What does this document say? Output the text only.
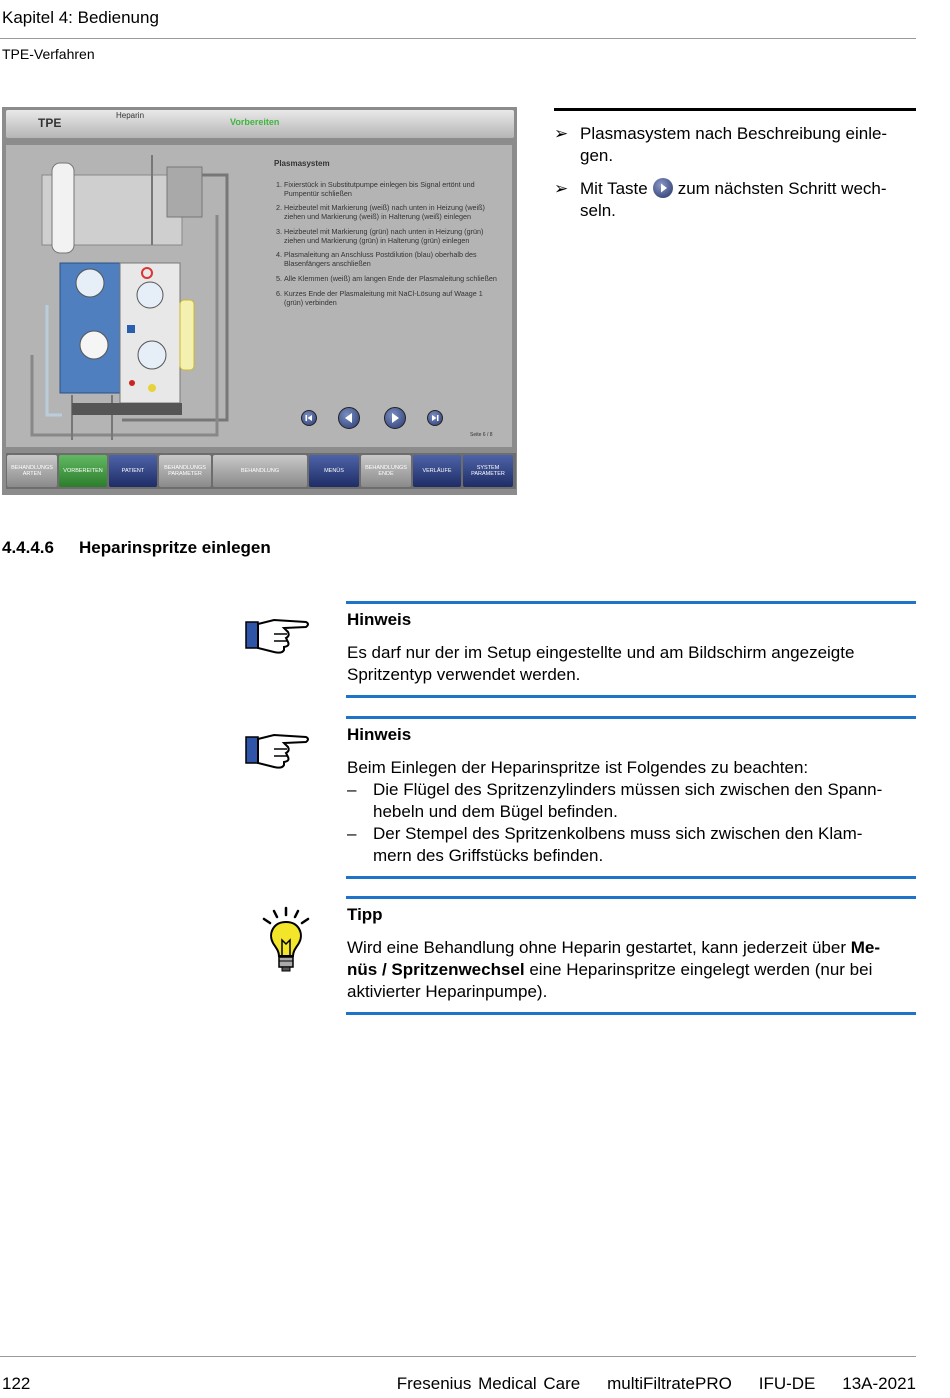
Kapitel 4: Bedienung
TPE-Verfahren
TPE
Heparin
Vorbereiten
Plasmasystem
1. Fixierstück in Substitutpumpe einlegen bis Signal ertönt und Pumpentür schließen
2. Heizbeutel mit Markierung (weiß) nach unten in Heizung (weiß) ziehen und Markierung (weiß) in Halterung (weiß) einlegen
3. Heizbeutel mit Markierung (grün) nach unten in Heizung (grün) ziehen und Markierung (grün) in Halterung (grün) einlegen
4. Plasmaleitung an Anschluss Postdilution (blau) oberhalb des Blasenfängers anschließen
5. Alle Klemmen (weiß) am langen Ende der Plasmaleitung schließen
6. Kurzes Ende der Plasmaleitung mit NaCl-Lösung auf Waage 1 (grün) verbinden
Seite 6 / 8
BEHANDLUNGS ARTEN
VORBEREITEN	PATIENT
BEHANDLUNGS PARAMETER
BEHANDLUNG	MENÜS
BEHANDLUNGS ENDE
VERLÄUFE
SYSTEM PARAMETER
➢ Plasmasystem nach Beschreibung einle-
gen.
➢ Mit Taste zum nächsten Schritt wech-
seln.
4.4.4.6 Heparinspritze einlegen
Hinweis
Es darf nur der im Setup eingestellte und am Bildschirm angezeigte Spritzentyp verwendet werden.
Hinweis
Beim Einlegen der Heparinspritze ist Folgendes zu beachten:
– Die Flügel des Spritzenzylinders müssen sich zwischen den Spann-
hebeln und dem Bügel befinden.
– Der Stempel des Spritzenkolbens muss sich zwischen den Klam-
mern des Griffstücks befinden.
Tipp
Wird eine Behandlung ohne Heparin gestartet, kann jederzeit über Me-
nüs / Spritzenwechsel eine Heparinspritze eingelegt werden (nur bei aktivierter Heparinpumpe).
122	Fresenius Medical Care    multiFiltratePRO    IFU-DE    13A-2021
